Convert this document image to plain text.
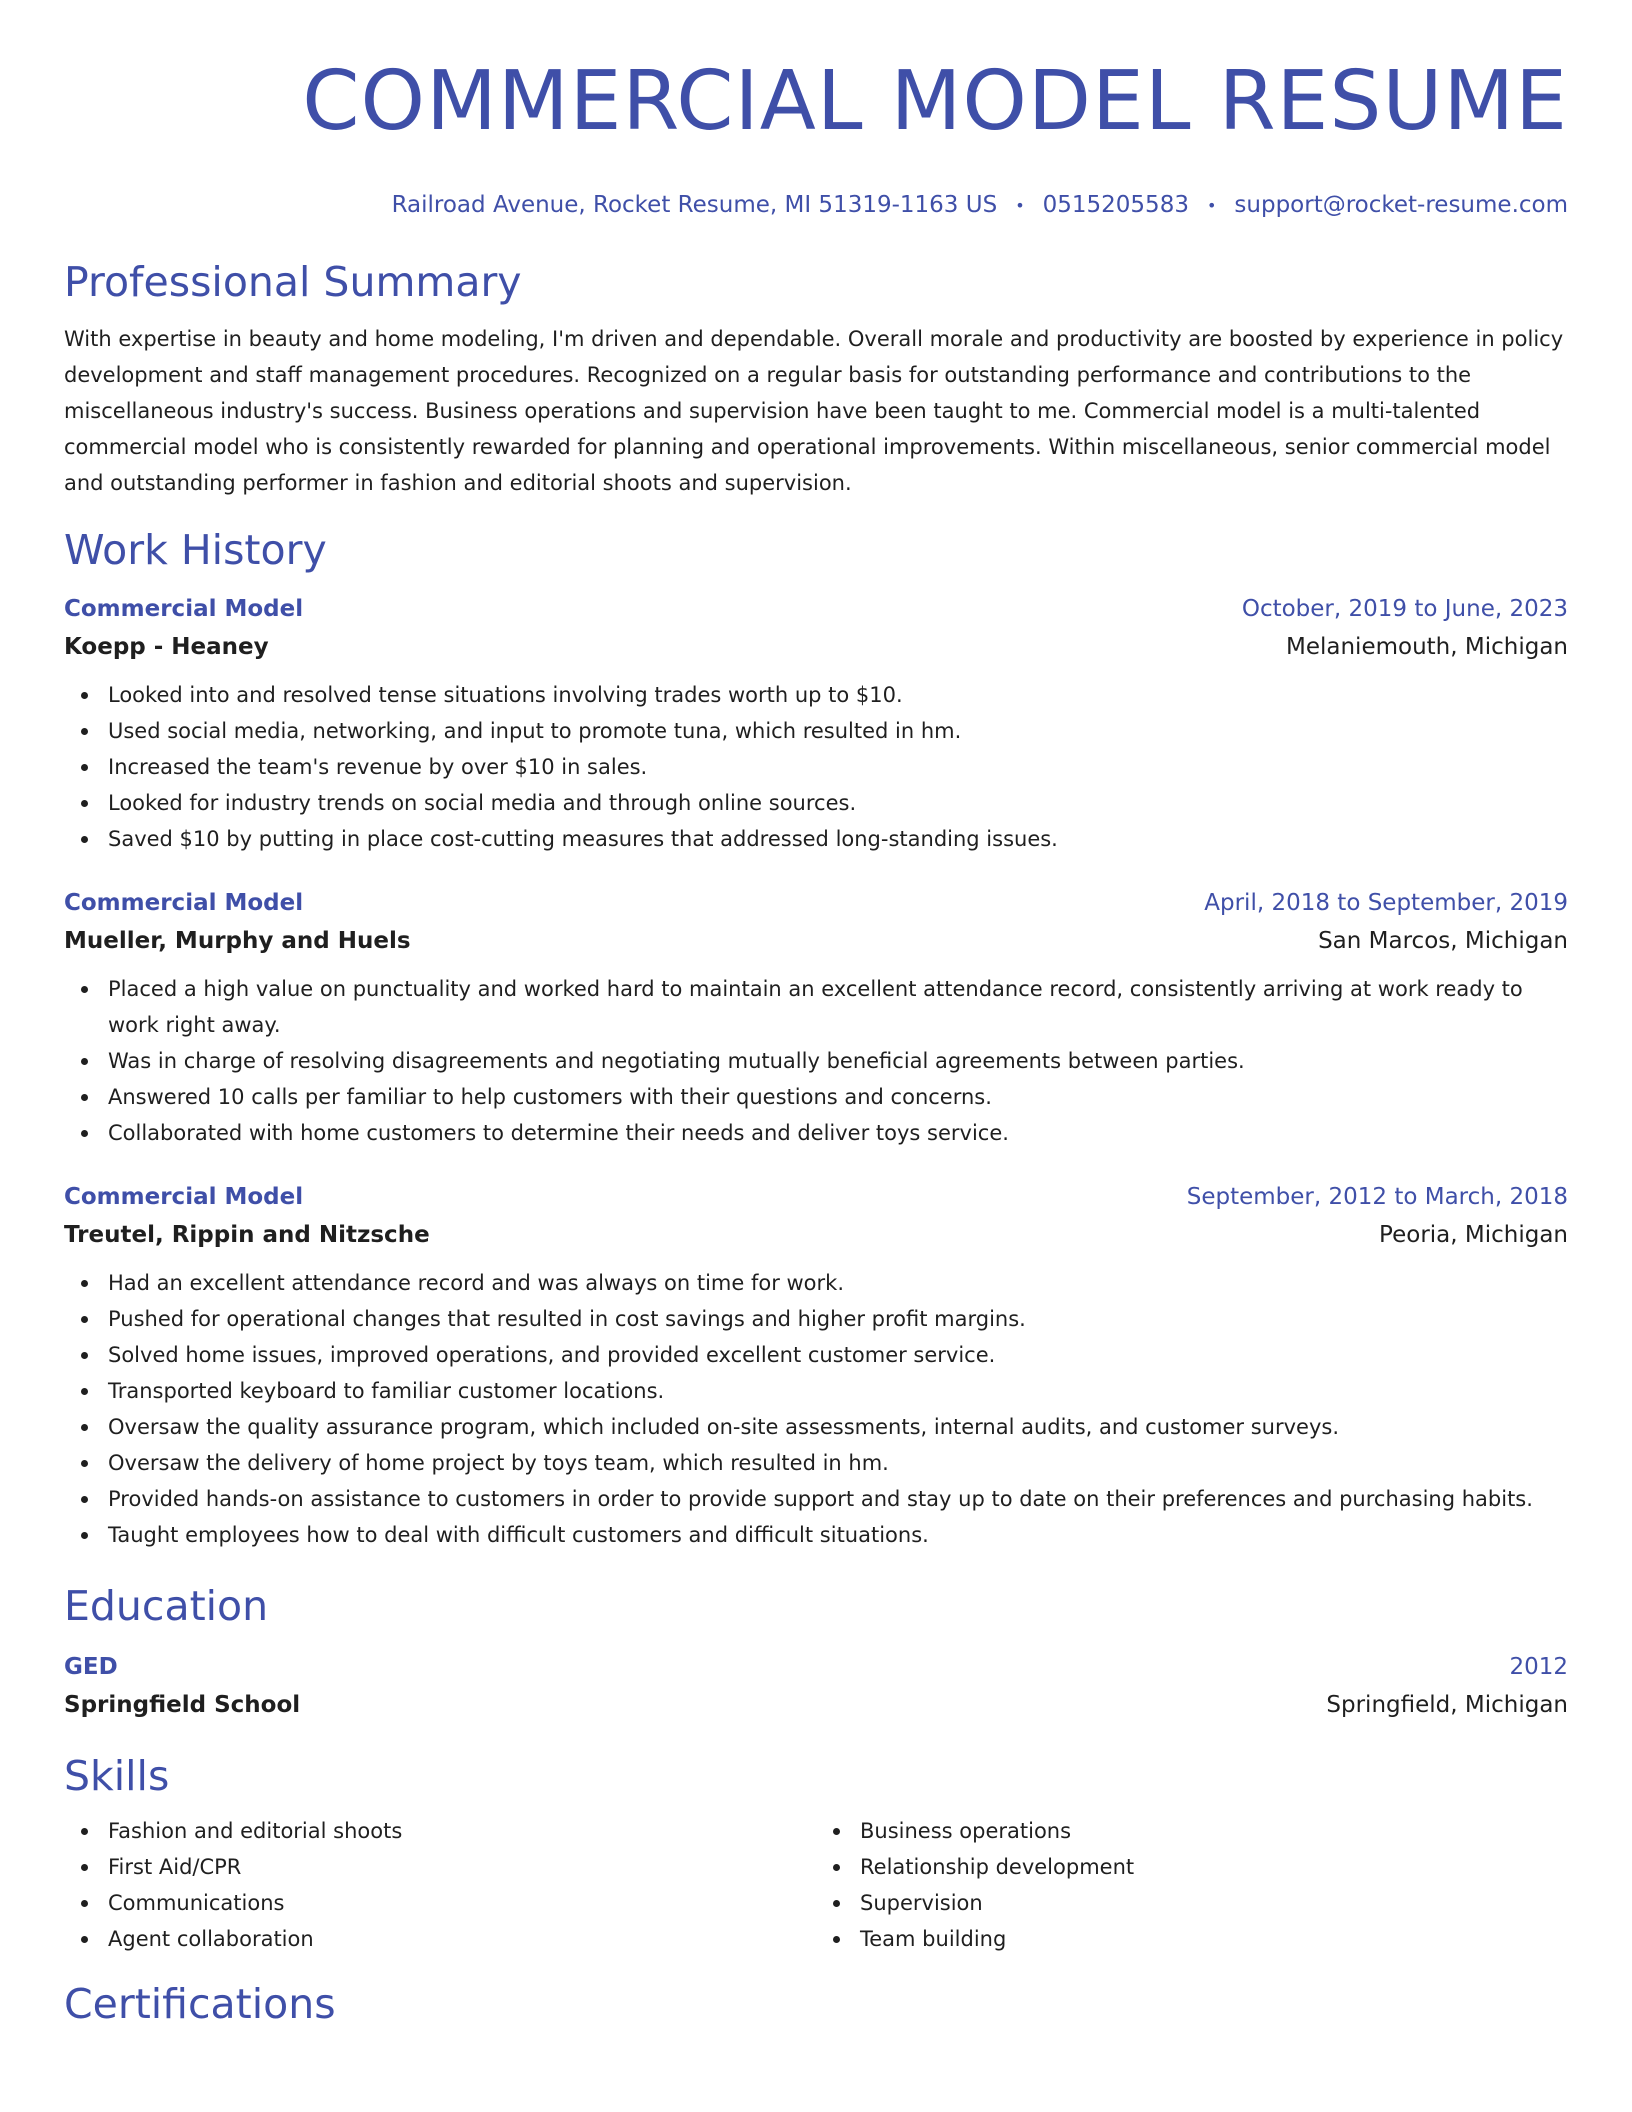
COMMERCIAL MODEL RESUME
Railroad Avenue, Rocket Resume, MI 51319-1163 US • 0515205583 • support@rocket-resume.com
Professional Summary

With expertise in beauty and home modeling, I'm driven and dependable. Overall morale and productivity are boosted by experience in policy development and staff management procedures. Recognized on a regular basis for outstanding performance and contributions to the miscellaneous industry's success. Business operations and supervision have been taught to me. Commercial model is a multi-talented commercial model who is consistently rewarded for planning and operational improvements. Within miscellaneous, senior commercial model and outstanding performer in fashion and editorial shoots and supervision.

Work History
Commercial Model	October, 2019 to June, 2023
Koepp - Heaney	Melaniemouth, Michigan
Looked into and resolved tense situations involving trades worth up to $10.
Used social media, networking, and input to promote tuna, which resulted in hm.
Increased the team's revenue by over $10 in sales.
Looked for industry trends on social media and through online sources.
Saved $10 by putting in place cost-cutting measures that addressed long-standing issues.
Commercial Model	April, 2018 to September, 2019
Mueller, Murphy and Huels	San Marcos, Michigan
Placed a high value on punctuality and worked hard to maintain an excellent attendance record, consistently arriving at work ready to work right away.
Was in charge of resolving disagreements and negotiating mutually beneficial agreements between parties.
Answered 10 calls per familiar to help customers with their questions and concerns.
Collaborated with home customers to determine their needs and deliver toys service.
Commercial Model	September, 2012 to March, 2018
Treutel, Rippin and Nitzsche	Peoria, Michigan
Had an excellent attendance record and was always on time for work.
Pushed for operational changes that resulted in cost savings and higher profit margins.
Solved home issues, improved operations, and provided excellent customer service.
Transported keyboard to familiar customer locations.
Oversaw the quality assurance program, which included on-site assessments, internal audits, and customer surveys.
Oversaw the delivery of home project by toys team, which resulted in hm.
Provided hands-on assistance to customers in order to provide support and stay up to date on their preferences and purchasing habits.
Taught employees how to deal with difficult customers and difficult situations.
Education
GED	2012
Springfield School	Springfield, Michigan
Skills
Fashion and editorial shoots
First Aid/CPR
Communications
Agent collaboration
Business operations
Relationship development
Supervision
Team building
Certifications
